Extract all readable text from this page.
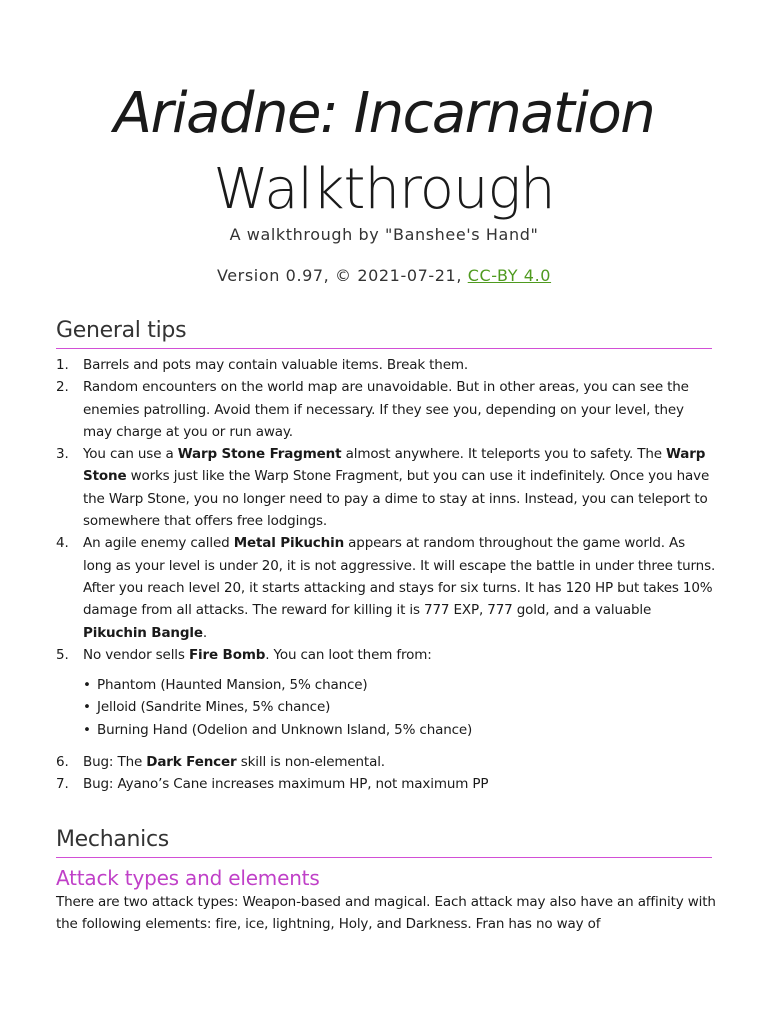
Ariadne: Incarnation
Walkthrough
A walkthrough by "Banshee's Hand"
Version 0.97, © 2021-07-21, CC-BY 4.0
General tips
1. Barrels and pots may contain valuable items. Break them.
2. Random encounters on the world map are unavoidable. But in other areas, you can see the enemies patrolling. Avoid them if necessary. If they see you, depending on your level, they may charge at you or run away.
3. You can use a Warp Stone Fragment almost anywhere. It teleports you to safety. The Warp Stone works just like the Warp Stone Fragment, but you can use it indefinitely. Once you have the Warp Stone, you no longer need to pay a dime to stay at inns. Instead, you can teleport to somewhere that offers free lodgings.
4. An agile enemy called Metal Pikuchin appears at random throughout the game world. As long as your level is under 20, it is not aggressive. It will escape the battle in under three turns. After you reach level 20, it starts attacking and stays for six turns. It has 120 HP but takes 10% damage from all attacks. The reward for killing it is 777 EXP, 777 gold, and a valuable Pikuchin Bangle.
5. No vendor sells Fire Bomb. You can loot them from:
• Phantom (Haunted Mansion, 5% chance)
• Jelloid (Sandrite Mines, 5% chance)
• Burning Hand (Odelion and Unknown Island, 5% chance)
6. Bug: The Dark Fencer skill is non-elemental.
7. Bug: Ayano’s Cane increases maximum HP, not maximum PP
Mechanics
Attack types and elements
There are two attack types: Weapon-based and magical. Each attack may also have an affinity with the following elements: fire, ice, lightning, Holy, and Darkness. Fran has no way of
